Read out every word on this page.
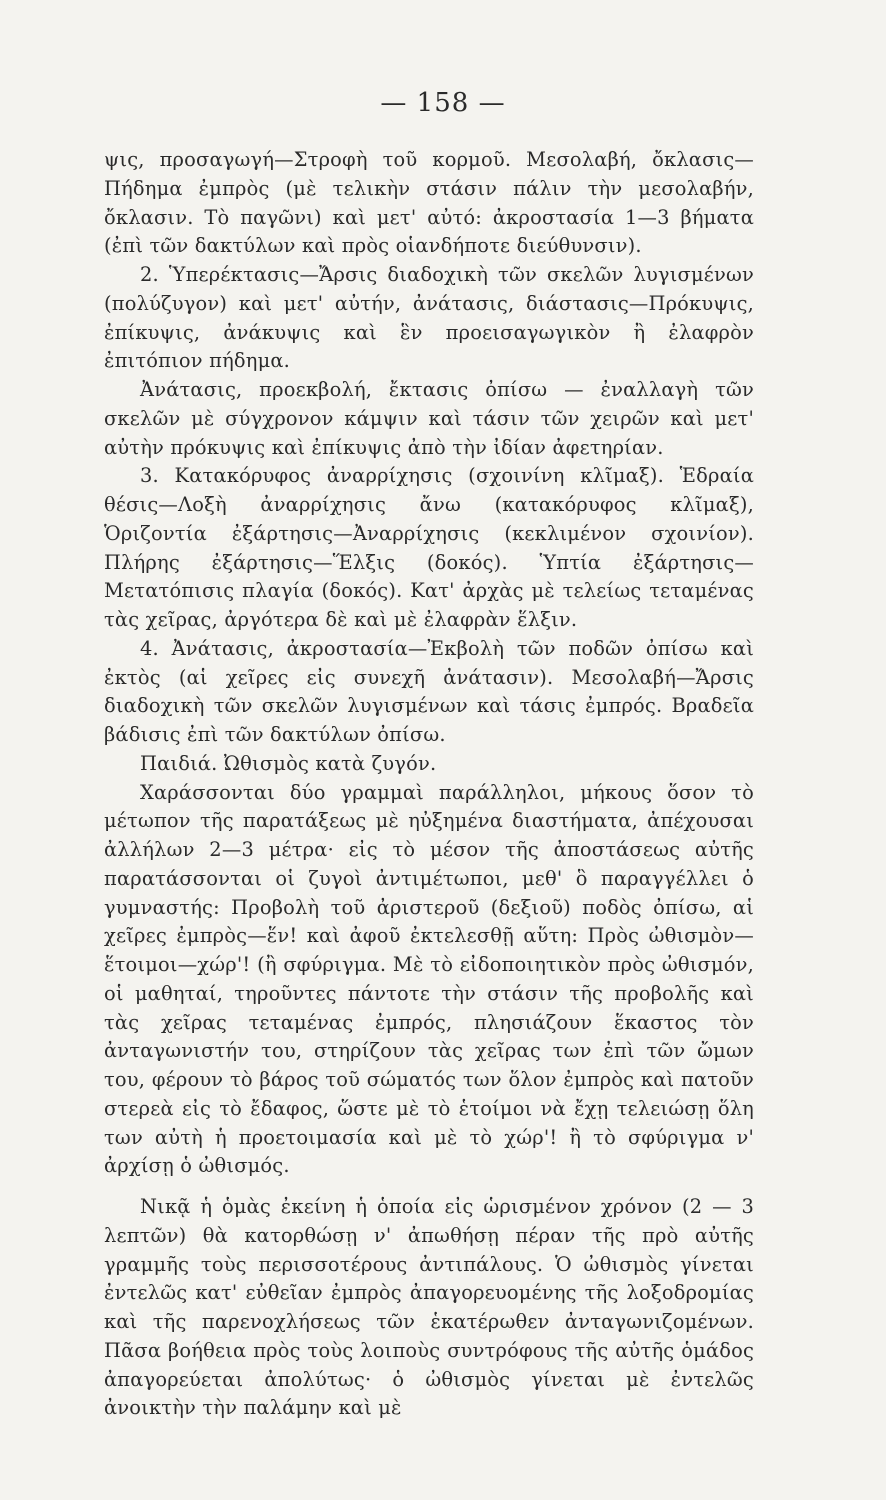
— 158 —

ψις, προσαγωγή—Στροφὴ τοῦ κορμοῦ. Μεσολαβή, ὄκλασις—Πήδημα ἐμπρὸς (μὲ τελικὴν στάσιν πάλιν τὴν μεσολαβήν, ὄκλασιν. Τὸ παγῶνι) καὶ μετ' αὐτό: ἀκροστασία 1—3 βήματα (ἐπὶ τῶν δακτύλων καὶ πρὸς οἱανδήποτε διεύθυνσιν).

2. Ὑπερέκτασις—Ἄρσις διαδοχικὴ τῶν σκελῶν λυγισμένων (πολύζυγον) καὶ μετ' αὐτήν, ἀνάτασις, διάστασις—Πρόκυψις, ἐπίκυψις, ἀνάκυψις καὶ ἓν προεισαγωγικὸν ἢ ἐλαφρὸν ἐπιτόπιον πήδημα.

Ἀνάτασις, προεκβολή, ἔκτασις ὀπίσω — ἐναλλαγὴ τῶν σκελῶν μὲ σύγχρονον κάμψιν καὶ τάσιν τῶν χειρῶν καὶ μετ' αὐτὴν πρόκυψις καὶ ἐπίκυψις ἀπὸ τὴν ἰδίαν ἀφετηρίαν.

3. Κατακόρυφος ἀναρρίχησις (σχοινίνη κλῖμαξ). Ἑδραία θέσις—Λοξὴ ἀναρρίχησις ἄνω (κατακόρυφος κλῖμαξ), Ὁριζοντία ἐξάρτησις—Ἀναρρίχησις (κεκλιμένον σχοινίον). Πλήρης ἐξάρτησις—Ἕλξις (δοκός). Ὑπτία ἐξάρτησις—Μετατόπισις πλαγία (δοκός). Κατ' ἀρχὰς μὲ τελείως τεταμένας τὰς χεῖρας, ἀργότερα δὲ καὶ μὲ ἐλαφρὰν ἕλξιν.

4. Ἀνάτασις, ἀκροστασία—Ἐκβολὴ τῶν ποδῶν ὀπίσω καὶ ἐκτὸς (αἱ χεῖρες εἰς συνεχῆ ἀνάτασιν). Μεσολαβή—Ἄρσις διαδοχικὴ τῶν σκελῶν λυγισμένων καὶ τάσις ἐμπρός. Βραδεῖα βάδισις ἐπὶ τῶν δακτύλων ὀπίσω.

Παιδιά. Ὠθισμὸς κατὰ ζυγόν.

Χαράσσονται δύο γραμμαὶ παράλληλοι, μήκους ὅσον τὸ μέτωπον τῆς παρατάξεως μὲ ηὐξημένα διαστήματα, ἀπέχουσαι ἀλλήλων 2—3 μέτρα· εἰς τὸ μέσον τῆς ἀποστάσεως αὐτῆς παρατάσσονται οἱ ζυγοὶ ἀντιμέτωποι, μεθ' ὃ παραγγέλλει ὁ γυμναστής: Προβολὴ τοῦ ἀριστεροῦ (δεξιοῦ) ποδὸς ὀπίσω, αἱ χεῖρες ἐμπρὸς—ἕν! καὶ ἀφοῦ ἐκτελεσθῇ αὕτη: Πρὸς ὠθισμὸν—ἕτοιμοι—χώρ'! (ἢ σφύριγμα. Μὲ τὸ εἰδοποιητικὸν πρὸς ὠθισμόν, οἱ μαθηταί, τηροῦντες πάντοτε τὴν στάσιν τῆς προβολῆς καὶ τὰς χεῖρας τεταμένας ἐμπρός, πλησιάζουν ἕκαστος τὸν ἀνταγωνιστήν του, στηρίζουν τὰς χεῖρας των ἐπὶ τῶν ὤμων του, φέρουν τὸ βάρος τοῦ σώματός των ὅλον ἐμπρὸς καὶ πατοῦν στερεὰ εἰς τὸ ἔδαφος, ὥστε μὲ τὸ ἑτοίμοι νὰ ἔχῃ τελειώσῃ ὅλη των αὐτὴ ἡ προετοιμασία καὶ μὲ τὸ χώρ'! ἢ τὸ σφύριγμα ν' ἀρχίσῃ ὁ ὠθισμός.

Νικᾷ ἡ ὁμὰς ἐκείνη ἡ ὁποία εἰς ὡρισμένον χρόνον (2 — 3 λεπτῶν) θὰ κατορθώσῃ ν' ἀπωθήσῃ πέραν τῆς πρὸ αὐτῆς γραμμῆς τοὺς περισσοτέρους ἀντιπάλους. Ὁ ὠθισμὸς γίνεται ἐντελῶς κατ' εὐθεῖαν ἐμπρὸς ἀπαγορευομένης τῆς λοξοδρομίας καὶ τῆς παρενοχλήσεως τῶν ἑκατέρωθεν ἀνταγωνιζομένων. Πᾶσα βοήθεια πρὸς τοὺς λοιποὺς συντρόφους τῆς αὐτῆς ὁμάδος ἀπαγορεύεται ἀπολύτως· ὁ ὠθισμὸς γίνεται μὲ ἐντελῶς ἀνοικτὴν τὴν παλάμην καὶ μὲ
